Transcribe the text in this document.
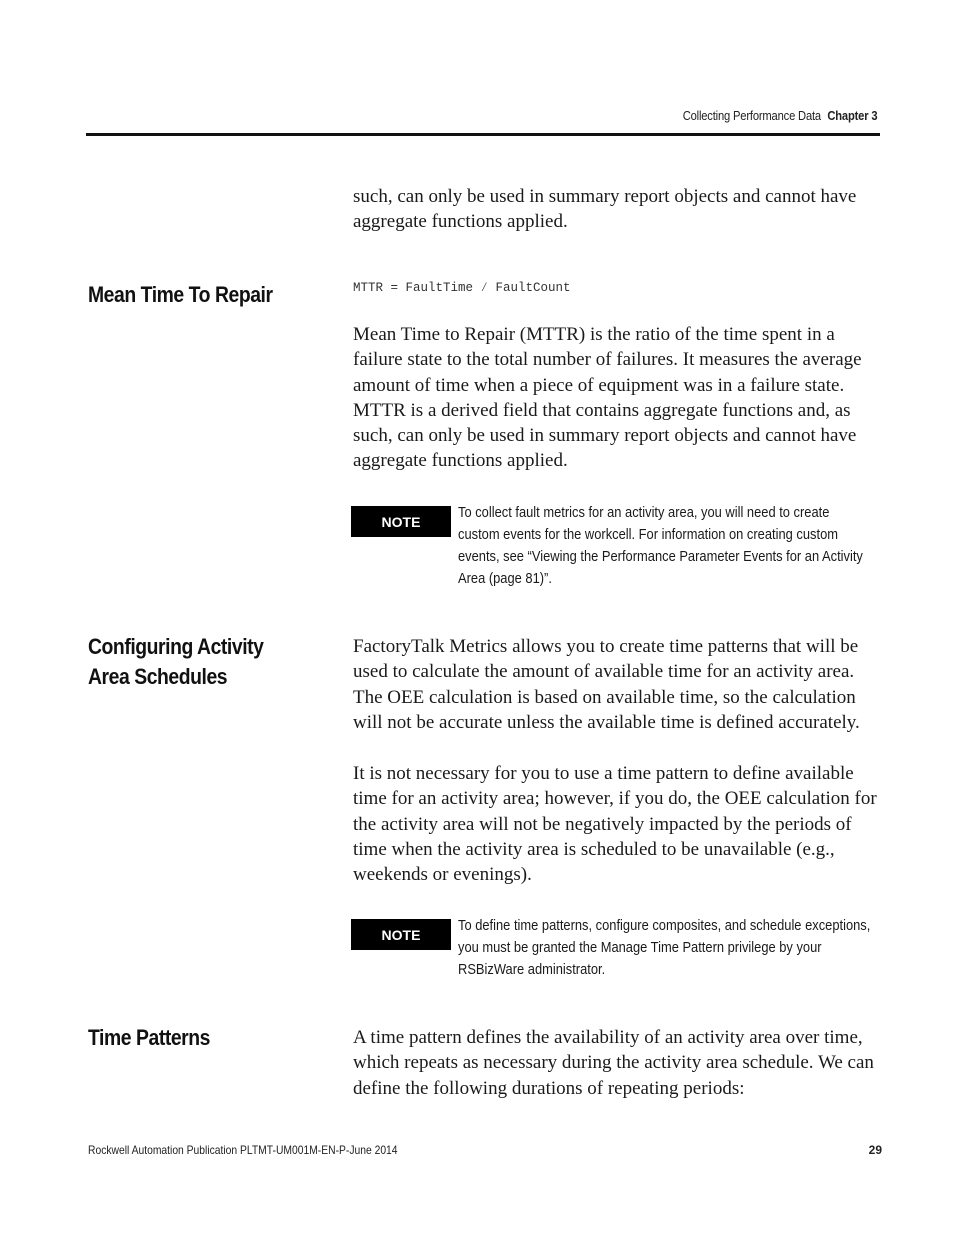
Collecting Performance Data Chapter 3

such, can only be used in summary report objects and cannot have aggregate functions applied.

Mean Time To Repair	MTTR = FaultTime ⁄ FaultCount

Mean Time to Repair (MTTR) is the ratio of the time spent in a failure state to the total number of failures. It measures the average amount of time when a piece of equipment was in a failure state. MTTR is a derived field that contains aggregate functions and, as such, can only be used in summary report objects and cannot have aggregate functions applied.

NOTE

To collect fault metrics for an activity area, you will need to create custom events for the workcell. For information on creating custom events, see “Viewing the Performance Parameter Events for an Activity Area (page 81)”.

Configuring Activity Area Schedules

FactoryTalk Metrics allows you to create time patterns that will be used to calculate the amount of available time for an activity area. The OEE calculation is based on available time, so the calculation will not be accurate unless the available time is defined accurately.

It is not necessary for you to use a time pattern to define available time for an activity area; however, if you do, the OEE calculation for the activity area will not be negatively impacted by the periods of time when the activity area is scheduled to be unavailable (e.g., weekends or evenings).

NOTE

To define time patterns, configure composites, and schedule exceptions, you must be granted the Manage Time Pattern privilege by your RSBizWare administrator.

Time Patterns	A time pattern defines the availability of an activity area over time, which repeats as necessary during the activity area schedule. We can define the following durations of repeating periods:

Rockwell Automation Publication PLTMT-UM001M-EN-P-June 2014	29
